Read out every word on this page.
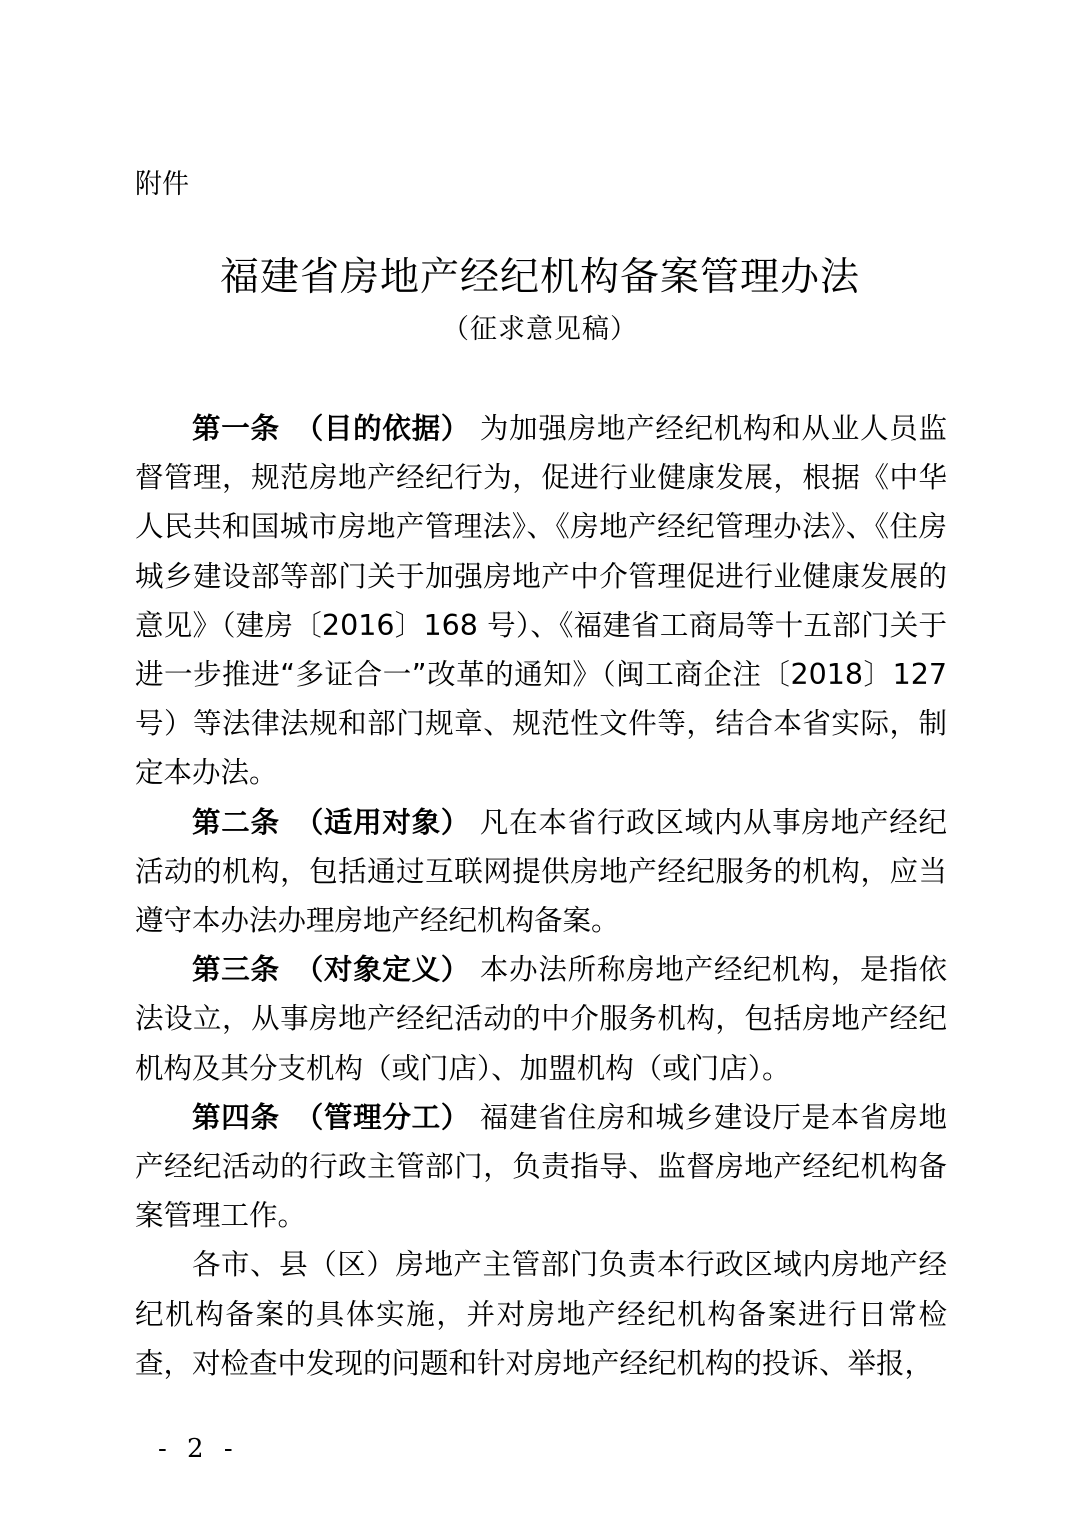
附件
福建省房地产经纪机构备案管理办法
（征求意见稿）

第一条　（目的依据） 为加强房地产经纪机构和从业人员监督管理，规范房地产经纪行为，促进行业健康发展，根据《中华人民共和国城市房地产管理法》、《房地产经纪管理办法》、《住房城乡建设部等部门关于加强房地产中介管理促进行业健康发展的意见》（建房〔2016〕168 号）、《福建省工商局等十五部门关于进一步推进“多证合一”改革的通知》（闽工商企注〔2018〕127 号）等法律法规和部门规章、规范性文件等，结合本省实际，制定本办法。

第二条　（适用对象） 凡在本省行政区域内从事房地产经纪活动的机构，包括通过互联网提供房地产经纪服务的机构，应当遵守本办法办理房地产经纪机构备案。

第三条　（对象定义） 本办法所称房地产经纪机构，是指依法设立，从事房地产经纪活动的中介服务机构，包括房地产经纪机构及其分支机构（或门店）、加盟机构（或门店）。

第四条　（管理分工） 福建省住房和城乡建设厅是本省房地产经纪活动的行政主管部门，负责指导、监督房地产经纪机构备案管理工作。

各市、县（区）房地产主管部门负责本行政区域内房地产经纪机构备案的具体实施，并对房地产经纪机构备案进行日常检查，对检查中发现的问题和针对房地产经纪机构的投诉、举报，

- 2 -
